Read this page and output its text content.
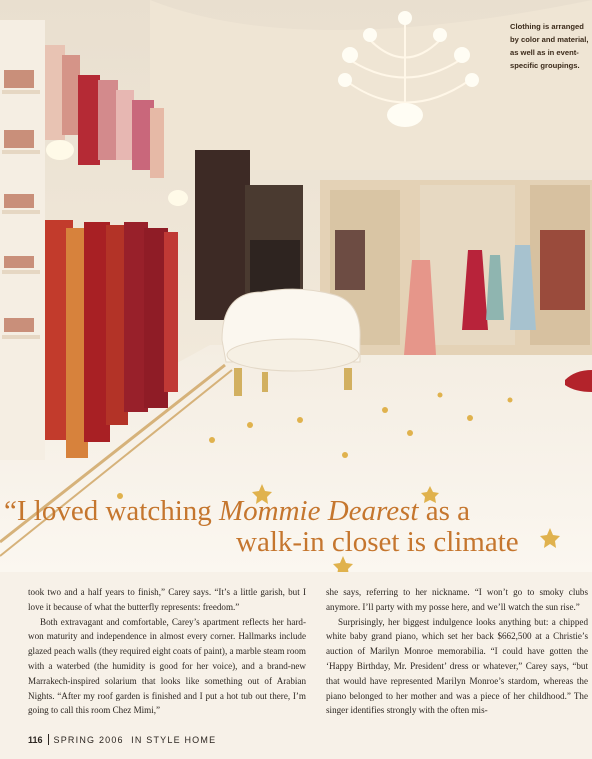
Clothing is arranged
by color and material,
as well as in event-
specific groupings.
“I loved watching Mommie Dearest as a
walk-in closet is climate

took two and a half years to finish,” Carey says. “It’s a little garish, but I love it because of what the butterfly represents: freedom.”

Both extravagant and comfortable, Carey’s apartment reflects her hard-won maturity and independence in almost every corner. Hallmarks include glazed peach walls (they required eight coats of paint), a marble steam room with a waterbed (the humidity is good for her voice), and a brand-new Marrakech-inspired solarium that looks like something out of Arabian Nights. “After my roof garden is finished and I put a hot tub out there, I’m going to call this room Chez Mimi,”

she says, referring to her nickname. “I won’t go to smoky clubs anymore. I’ll party with my posse here, and we’ll watch the sun rise.”

Surprisingly, her biggest indulgence looks anything but: a chipped white baby grand piano, which set her back $662,500 at a Christie’s auction of Marilyn Monroe memorabilia. “I could have gotten the ‘Happy Birthday, Mr. President’ dress or whatever,” Carey says, “but that would have represented Marilyn Monroe’s stardom, whereas the piano belonged to her mother and was a piece of her childhood.” The singer identifies strongly with the often mis-

116 SPRING 2006 IN STYLE HOME
